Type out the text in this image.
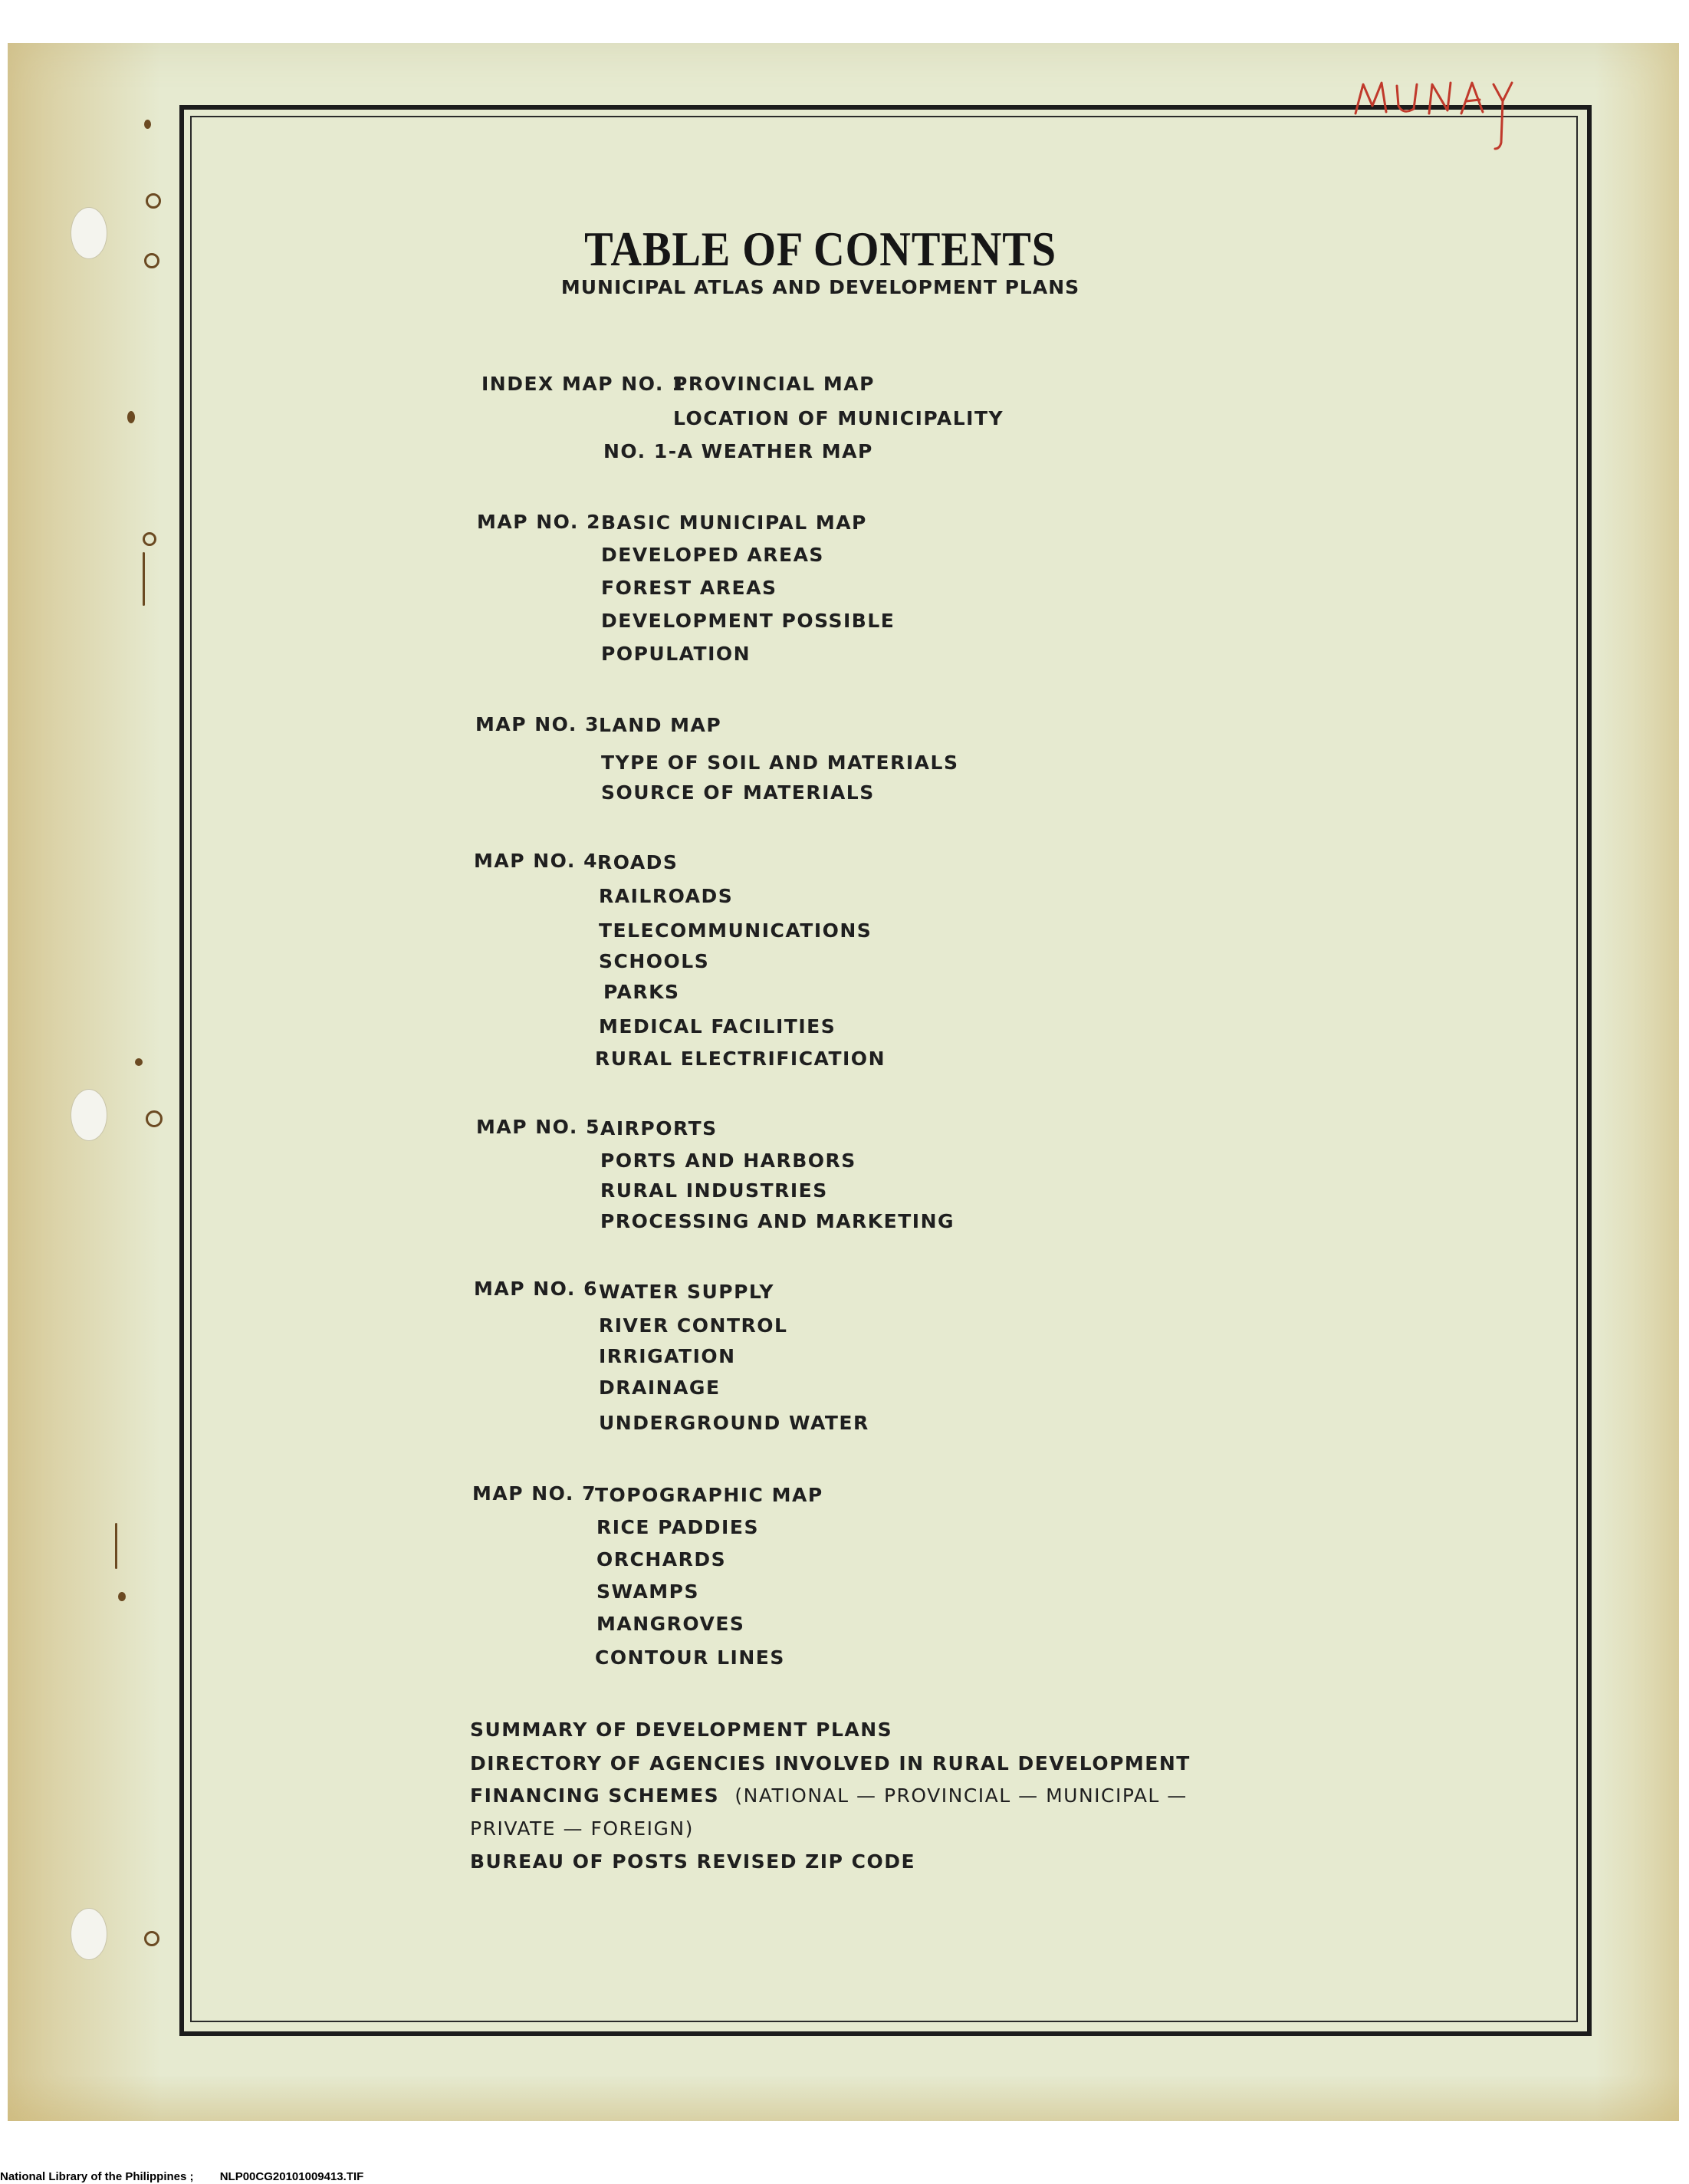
MUNAY
TABLE OF CONTENTS
MUNICIPAL ATLAS AND DEVELOPMENT PLANS
INDEX MAP NO. 1
PROVINCIAL MAP
LOCATION OF MUNICIPALITY
NO. 1-A WEATHER MAP
MAP NO. 2 BASIC MUNICIPAL MAP
DEVELOPED AREAS
FOREST AREAS
DEVELOPMENT POSSIBLE
POPULATION
MAP NO. 3 LAND MAP
TYPE OF SOIL AND MATERIALS
SOURCE OF MATERIALS
MAP NO. 4 ROADS
RAILROADS
TELECOMMUNICATIONS
SCHOOLS
PARKS
MEDICAL FACILITIES
RURAL ELECTRIFICATION
MAP NO. 5 AIRPORTS
PORTS AND HARBORS
RURAL INDUSTRIES
PROCESSING AND MARKETING
MAP NO. 6 WATER SUPPLY
RIVER CONTROL
IRRIGATION
DRAINAGE
UNDERGROUND WATER
MAP NO. 7
TOPOGRAPHIC MAP
RICE PADDIES
ORCHARDS
SWAMPS
MANGROVES
CONTOUR LINES
SUMMARY OF DEVELOPMENT PLANS
DIRECTORY OF AGENCIES INVOLVED IN RURAL DEVELOPMENT
FINANCING SCHEMES (NATIONAL — PROVINCIAL — MUNICIPAL —
PRIVATE — FOREIGN)
BUREAU OF POSTS REVISED ZIP CODE
National Library of the Philippines ; NLP00CG20101009413.TIF
